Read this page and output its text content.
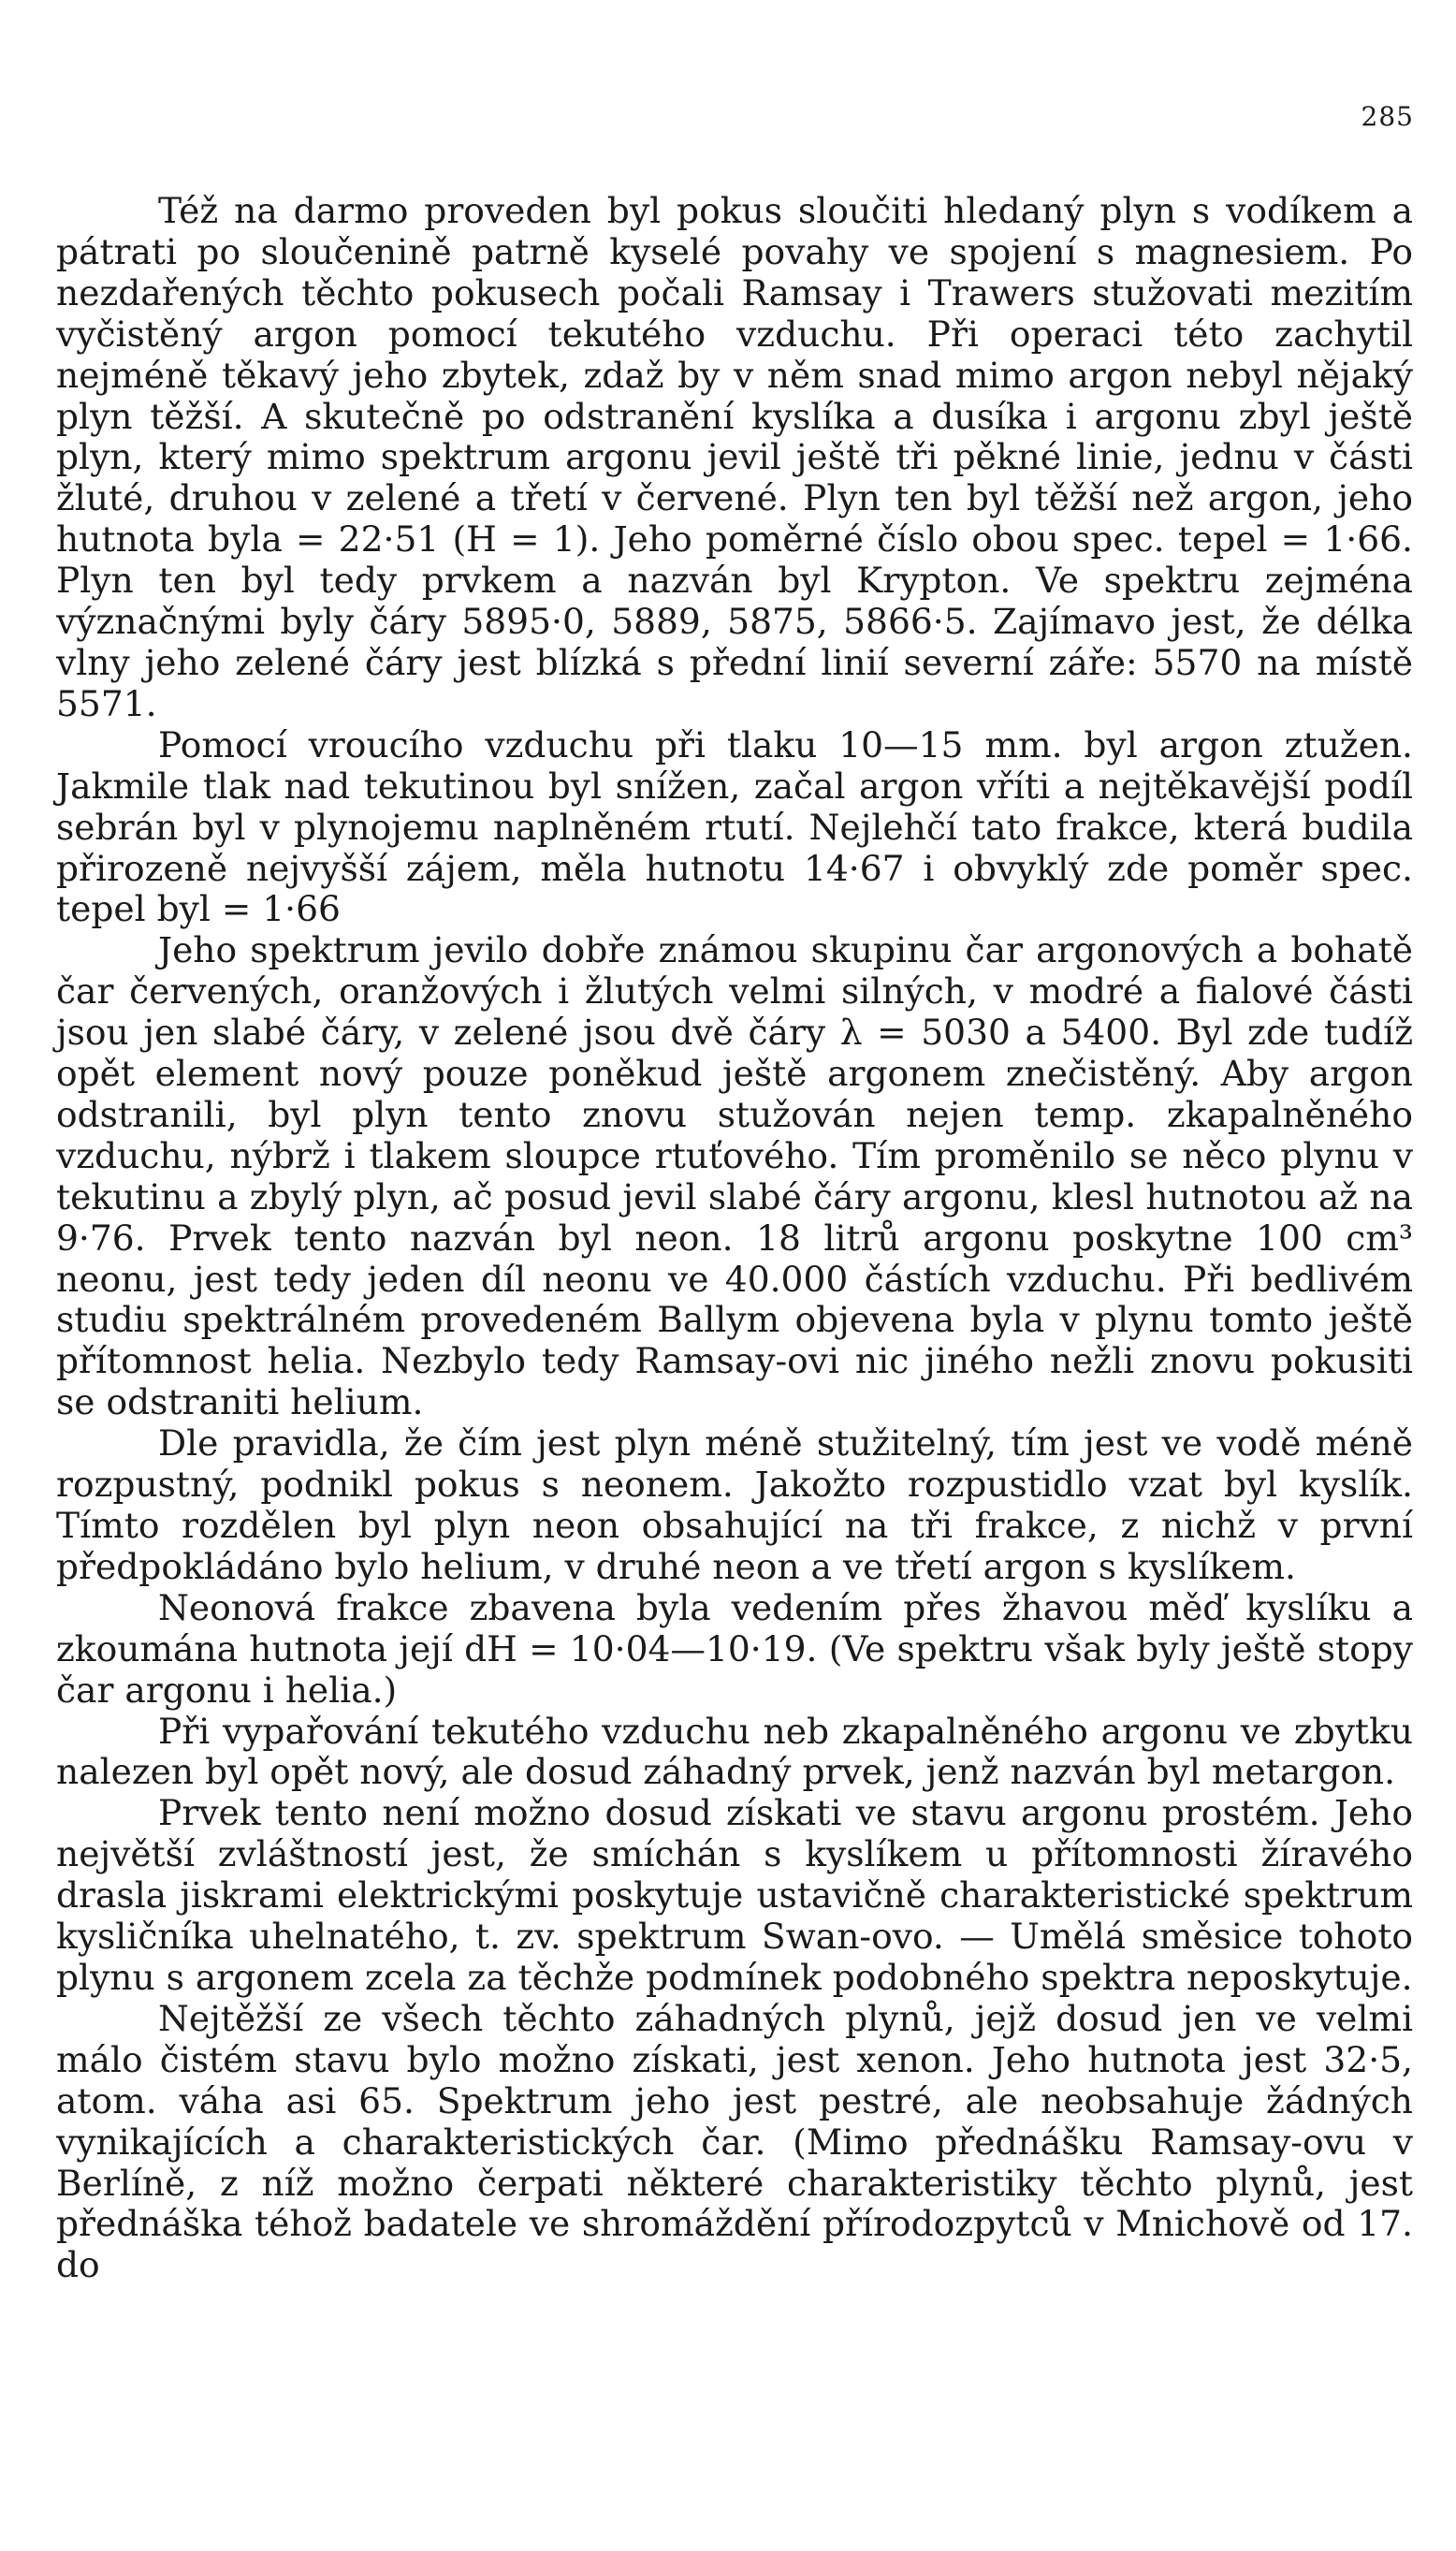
285

Též na darmo proveden byl pokus sloučiti hledaný plyn s vodíkem a pátrati po sloučenině patrně kyselé povahy ve spojení s magnesiem. Po nezdařených těchto pokusech počali Ramsay i Trawers stužovati mezitím vyčistěný argon pomocí tekutého vzduchu. Při operaci této zachytil nejméně těkavý jeho zbytek, zdaž by v něm snad mimo argon nebyl nějaký plyn těžší. A skutečně po odstranění kyslíka a dusíka i argonu zbyl ještě plyn, který mimo spektrum argonu jevil ještě tři pěkné linie, jednu v části žluté, druhou v zelené a třetí v červené. Plyn ten byl těžší než argon, jeho hutnota byla = 22·51 (H = 1). Jeho poměrné číslo obou spec. tepel = 1·66. Plyn ten byl tedy prvkem a nazván byl Krypton. Ve spektru zejména význačnými byly čáry 5895·0, 5889, 5875, 5866·5. Zajímavo jest, že délka vlny jeho zelené čáry jest blízká s přední linií severní záře: 5570 na místě 5571.

Pomocí vroucího vzduchu při tlaku 10—15 mm. byl argon ztužen. Jakmile tlak nad tekutinou byl snížen, začal argon vříti a nejtěkavější podíl sebrán byl v plynojemu naplněném rtutí. Nejlehčí tato frakce, která budila přirozeně nejvyšší zájem, měla hutnotu 14·67 i obvyklý zde poměr spec. tepel byl = 1·66

Jeho spektrum jevilo dobře známou skupinu čar argonových a bohatě čar červených, oranžových i žlutých velmi silných, v modré a fialové části jsou jen slabé čáry, v zelené jsou dvě čáry λ = 5030 a 5400. Byl zde tudíž opět element nový pouze poněkud ještě argonem znečistěný. Aby argon odstranili, byl plyn tento znovu stužován nejen temp. zkapalněného vzduchu, nýbrž i tlakem sloupce rtuťového. Tím proměnilo se něco plynu v tekutinu a zbylý plyn, ač posud jevil slabé čáry argonu, klesl hutnotou až na 9·76. Prvek tento nazván byl neon. 18 litrů argonu poskytne 100 cm³ neonu, jest tedy jeden díl neonu ve 40.000 částích vzduchu. Při bedlivém studiu spektrálném provedeném Ballym objevena byla v plynu tomto ještě přítomnost helia. Nezbylo tedy Ramsay-ovi nic jiného nežli znovu pokusiti se odstraniti helium.

Dle pravidla, že čím jest plyn méně stužitelný, tím jest ve vodě méně rozpustný, podnikl pokus s neonem. Jakožto rozpustidlo vzat byl kyslík. Tímto rozdělen byl plyn neon obsahující na tři frakce, z nichž v první předpokládáno bylo helium, v druhé neon a ve třetí argon s kyslíkem.

Neonová frakce zbavena byla vedením přes žhavou měď kyslíku a zkoumána hutnota její dH = 10·04—10·19. (Ve spektru však byly ještě stopy čar argonu i helia.)

Při vypařování tekutého vzduchu neb zkapalněného argonu ve zbytku nalezen byl opět nový, ale dosud záhadný prvek, jenž nazván byl metargon.

Prvek tento není možno dosud získati ve stavu argonu prostém. Jeho největší zvláštností jest, že smíchán s kyslíkem u přítomnosti žíravého drasla jiskrami elektrickými poskytuje ustavičně charakteristické spektrum kysličníka uhelnatého, t. zv. spektrum Swan-ovo. — Umělá směsice tohoto plynu s argonem zcela za těchže podmínek podobného spektra neposkytuje.

Nejtěžší ze všech těchto záhadných plynů, jejž dosud jen ve velmi málo čistém stavu bylo možno získati, jest xenon. Jeho hutnota jest 32·5, atom. váha asi 65. Spektrum jeho jest pestré, ale neobsahuje žádných vynikajících a charakteristických čar. (Mimo přednášku Ramsay-ovu v Berlíně, z níž možno čerpati některé charakteristiky těchto plynů, jest přednáška téhož badatele ve shromáždění přírodozpytců v Mnichově od 17. do
